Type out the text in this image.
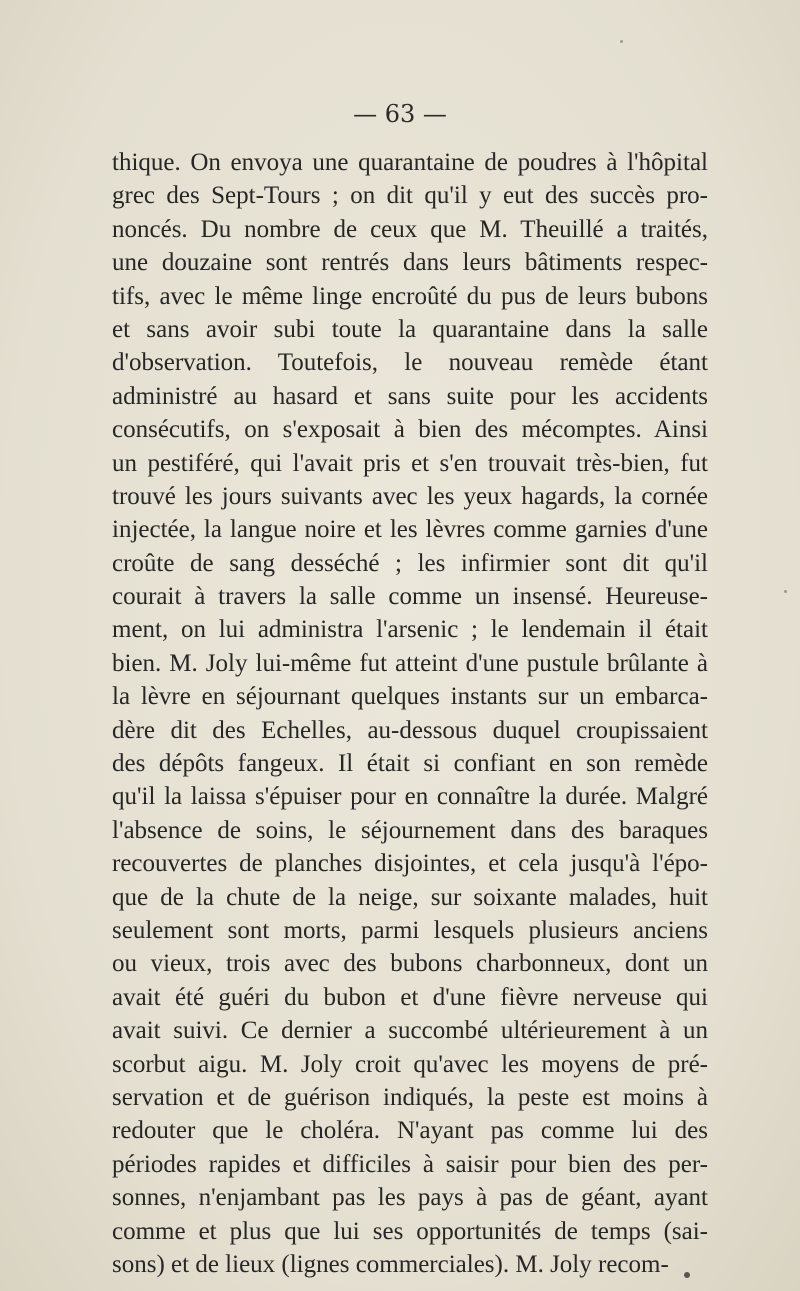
— 63 —
thique. On envoya une quarantaine de poudres à l'hôpital
grec des Sept-Tours ; on dit qu'il y eut des succès pro-
noncés. Du nombre de ceux que M. Theuillé a traités,
une douzaine sont rentrés dans leurs bâtiments respec-
tifs, avec le même linge encroûté du pus de leurs bubons
et sans avoir subi toute la quarantaine dans la salle
d'observation. Toutefois, le nouveau remède étant
administré au hasard et sans suite pour les accidents
consécutifs, on s'exposait à bien des mécomptes. Ainsi
un pestiféré, qui l'avait pris et s'en trouvait très-bien, fut
trouvé les jours suivants avec les yeux hagards, la cornée
injectée, la langue noire et les lèvres comme garnies d'une
croûte de sang desséché ; les infirmier sont dit qu'il
courait à travers la salle comme un insensé. Heureuse-
ment, on lui administra l'arsenic ; le lendemain il était
bien. M. Joly lui-même fut atteint d'une pustule brûlante à
la lèvre en séjournant quelques instants sur un embarca-
dère dit des Echelles, au-dessous duquel croupissaient
des dépôts fangeux. Il était si confiant en son remède
qu'il la laissa s'épuiser pour en connaître la durée. Malgré
l'absence de soins, le séjournement dans des baraques
recouvertes de planches disjointes, et cela jusqu'à l'épo-
que de la chute de la neige, sur soixante malades, huit
seulement sont morts, parmi lesquels plusieurs anciens
ou vieux, trois avec des bubons charbonneux, dont un
avait été guéri du bubon et d'une fièvre nerveuse qui
avait suivi. Ce dernier a succombé ultérieurement à un
scorbut aigu. M. Joly croit qu'avec les moyens de pré-
servation et de guérison indiqués, la peste est moins à
redouter que le choléra. N'ayant pas comme lui des
périodes rapides et difficiles à saisir pour bien des per-
sonnes, n'enjambant pas les pays à pas de géant, ayant
comme et plus que lui ses opportunités de temps (sai-
sons) et de lieux (lignes commerciales). M. Joly recom-
